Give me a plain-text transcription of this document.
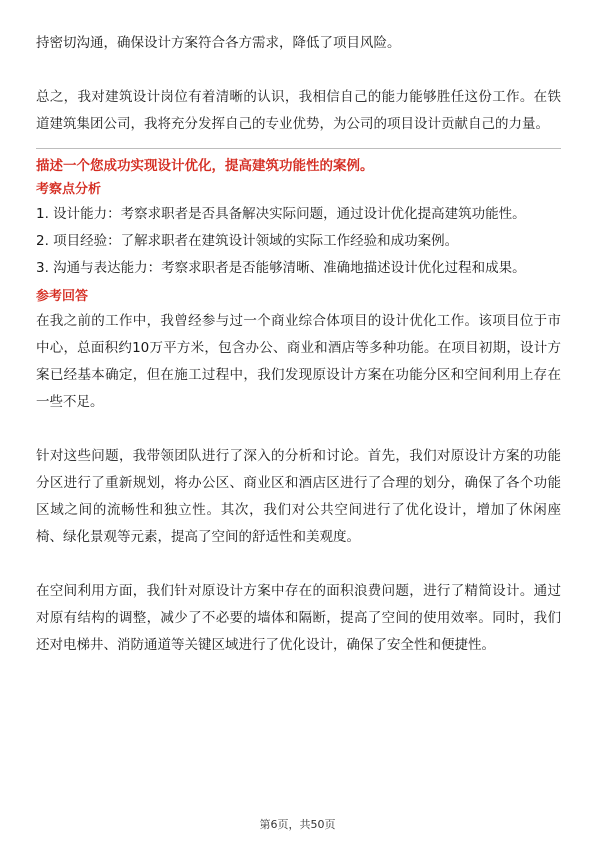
持密切沟通，确保设计方案符合各方需求，降低了项目风险。

总之，我对建筑设计岗位有着清晰的认识，我相信自己的能力能够胜任这份工作。在铁道建筑集团公司，我将充分发挥自己的专业优势，为公司的项目设计贡献自己的力量。

描述一个您成功实现设计优化，提高建筑功能性的案例。

考察点分析

1. 设计能力：考察求职者是否具备解决实际问题，通过设计优化提高建筑功能性。

2. 项目经验：了解求职者在建筑设计领域的实际工作经验和成功案例。

3. 沟通与表达能力：考察求职者是否能够清晰、准确地描述设计优化过程和成果。

参考回答

在我之前的工作中，我曾经参与过一个商业综合体项目的设计优化工作。该项目位于市中心，总面积约10万平方米，包含办公、商业和酒店等多种功能。在项目初期，设计方案已经基本确定，但在施工过程中，我们发现原设计方案在功能分区和空间利用上存在一些不足。

针对这些问题，我带领团队进行了深入的分析和讨论。首先，我们对原设计方案的功能分区进行了重新规划，将办公区、商业区和酒店区进行了合理的划分，确保了各个功能区域之间的流畅性和独立性。其次，我们对公共空间进行了优化设计，增加了休闲座椅、绿化景观等元素，提高了空间的舒适性和美观度。

在空间利用方面，我们针对原设计方案中存在的面积浪费问题，进行了精简设计。通过对原有结构的调整，减少了不必要的墙体和隔断，提高了空间的使用效率。同时，我们还对电梯井、消防通道等关键区域进行了优化设计，确保了安全性和便捷性。

第6页，共50页
